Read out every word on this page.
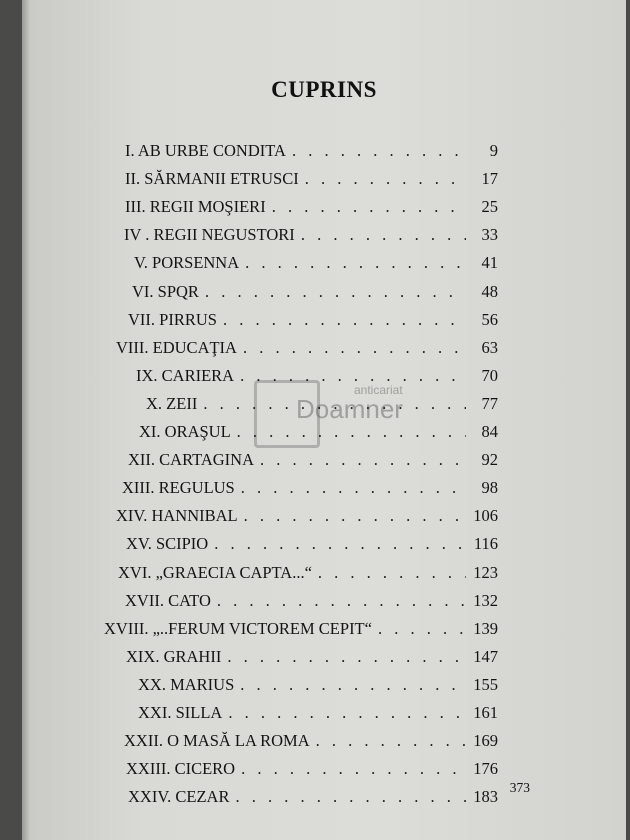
CUPRINS
anticariat
Doamner
I. AB URBE CONDITA . . .	9
II. SĂRMANII ETRUSCI . . .	17
III. REGII MOŞIERI . . .	25
IV . REGII NEGUSTORI . . .	33
V. PORSENNA . . .	41
VI. SPQR . . .	48
VII. PIRRUS . . .	56
VIII. EDUCAŢIA . . .	63
IX. CARIERA . . .	70
X. ZEII . . .	77
XI. ORAŞUL . . .	84
XII. CARTAGINA . . .	92
XIII. REGULUS . . .	98
XIV. HANNIBAL . . .	106
XV. SCIPIO . . .	116
XVI. „GRAECIA CAPTA...“ . . .	123
XVII. CATO . . .	132
XVIII. „..FERUM VICTOREM CEPIT“ . . .	139
XIX. GRAHII . . .	147
XX. MARIUS . . .	155
XXI. SILLA . . .	161
XXII. O MASĂ LA ROMA . . .	169
XXIII. CICERO . . .	176
XXIV. CEZAR . . .	183 373
